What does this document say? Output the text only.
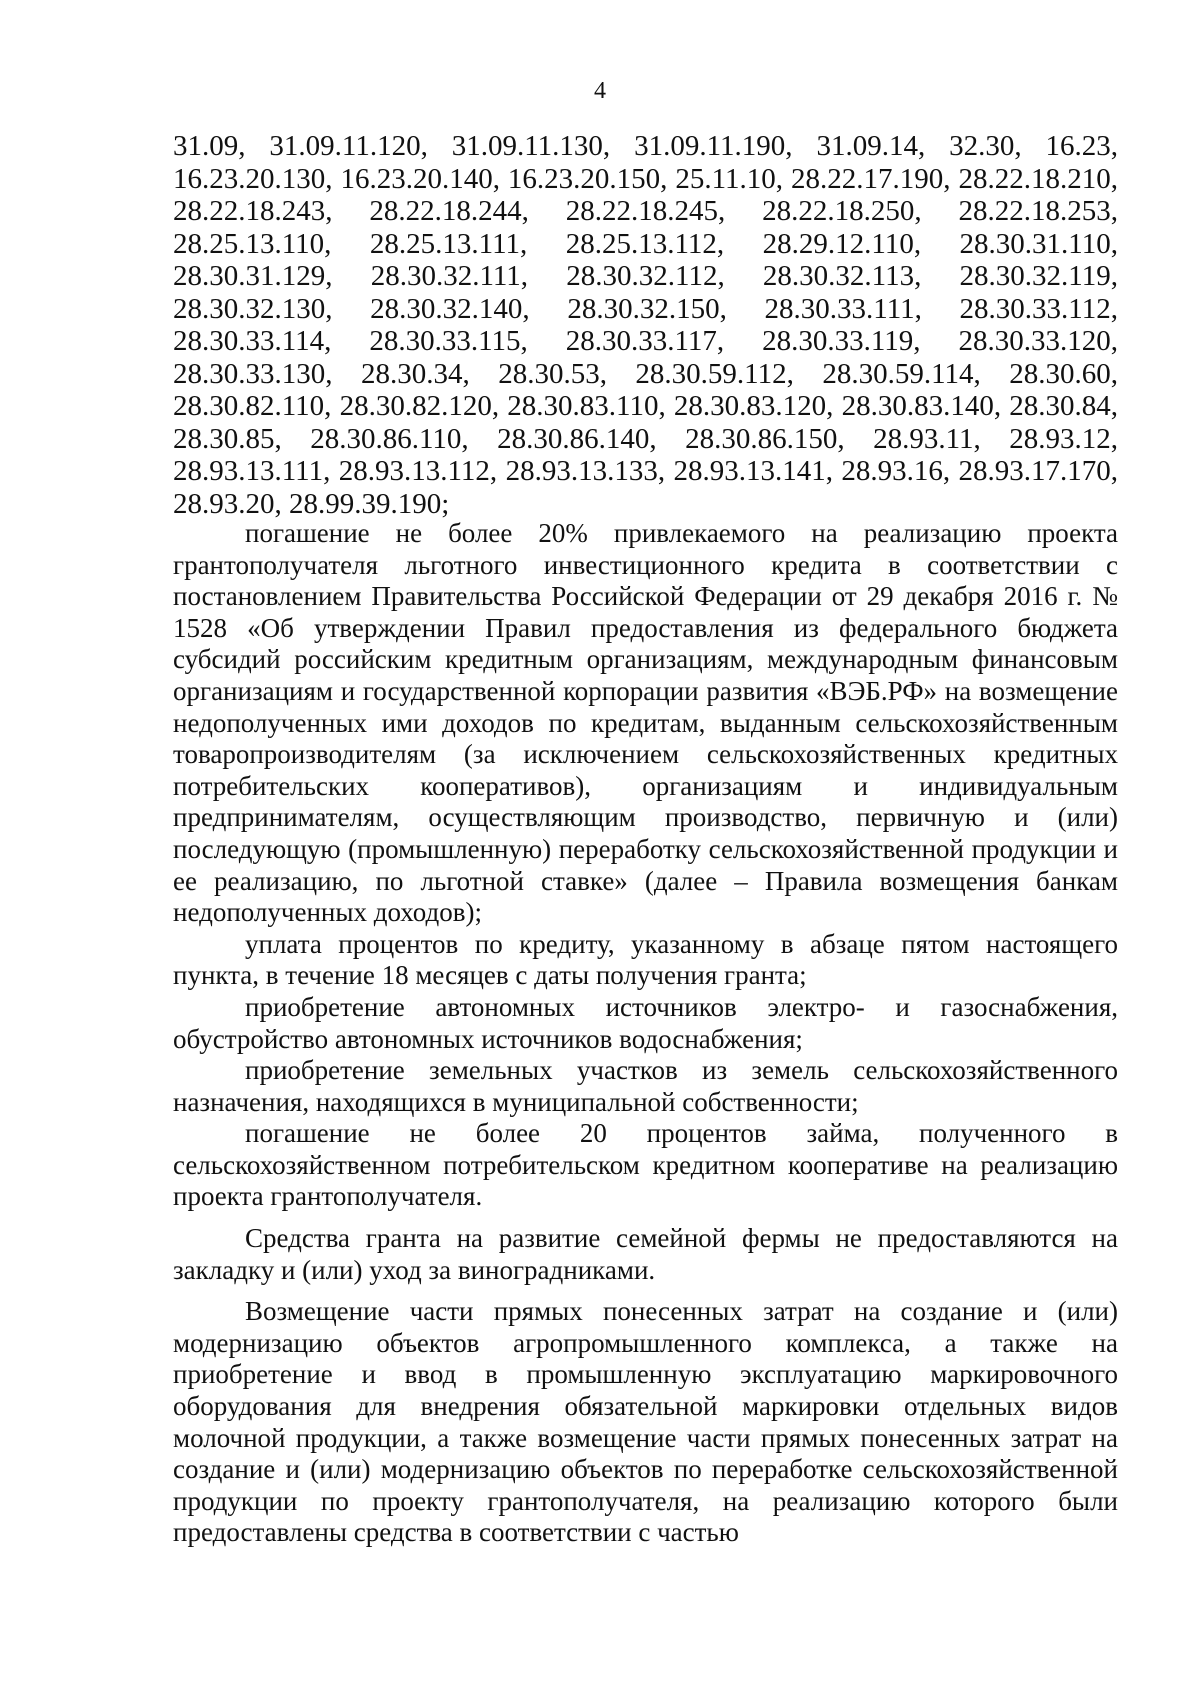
4
31.09, 31.09.11.120, 31.09.11.130, 31.09.11.190, 31.09.14, 32.30, 16.23,
16.23.20.130, 16.23.20.140, 16.23.20.150, 25.11.10, 28.22.17.190, 28.22.18.210,
28.22.18.243, 28.22.18.244, 28.22.18.245, 28.22.18.250, 28.22.18.253,
28.25.13.110, 28.25.13.111, 28.25.13.112, 28.29.12.110, 28.30.31.110,
28.30.31.129, 28.30.32.111, 28.30.32.112, 28.30.32.113, 28.30.32.119,
28.30.32.130, 28.30.32.140, 28.30.32.150, 28.30.33.111, 28.30.33.112,
28.30.33.114, 28.30.33.115, 28.30.33.117, 28.30.33.119, 28.30.33.120,
28.30.33.130, 28.30.34, 28.30.53, 28.30.59.112, 28.30.59.114, 28.30.60,
28.30.82.110, 28.30.82.120, 28.30.83.110, 28.30.83.120, 28.30.83.140, 28.30.84,
28.30.85, 28.30.86.110, 28.30.86.140, 28.30.86.150, 28.93.11, 28.93.12,
28.93.13.111, 28.93.13.112, 28.93.13.133, 28.93.13.141, 28.93.16, 28.93.17.170,
28.93.20, 28.99.39.190;

погашение не более 20% привлекаемого на реализацию проекта грантополучателя льготного инвестиционного кредита в соответствии с постановлением Правительства Российской Федерации от 29 декабря 2016 г. № 1528 «Об утверждении Правил предоставления из федерального бюджета субсидий российским кредитным организациям, международным финансовым организациям и государственной корпорации развития «ВЭБ.РФ» на возмещение недополученных ими доходов по кредитам, выданным сельскохозяйственным товаропроизводителям (за исключением сельскохозяйственных кредитных потребительских кооперативов), организациям и индивидуальным предпринимателям, осуществляющим производство, первичную и (или) последующую (промышленную) переработку сельскохозяйственной продукции и ее реализацию, по льготной ставке» (далее – Правила возмещения банкам недополученных доходов);

уплата процентов по кредиту, указанному в абзаце пятом настоящего пункта, в течение 18 месяцев с даты получения гранта;

приобретение автономных источников электро- и газоснабжения, обустройство автономных источников водоснабжения;

приобретение земельных участков из земель сельскохозяйственного назначения, находящихся в муниципальной собственности;

погашение не более 20 процентов займа, полученного в сельскохозяйственном потребительском кредитном кооперативе на реализацию проекта грантополучателя.

Средства гранта на развитие семейной фермы не предоставляются на закладку и (или) уход за виноградниками.

Возмещение части прямых понесенных затрат на создание и (или) модернизацию объектов агропромышленного комплекса, а также на приобретение и ввод в промышленную эксплуатацию маркировочного оборудования для внедрения обязательной маркировки отдельных видов молочной продукции, а также возмещение части прямых понесенных затрат на создание и (или) модернизацию объектов по переработке сельскохозяйственной продукции по проекту грантополучателя, на реализацию которого были предоставлены средства в соответствии с частью
